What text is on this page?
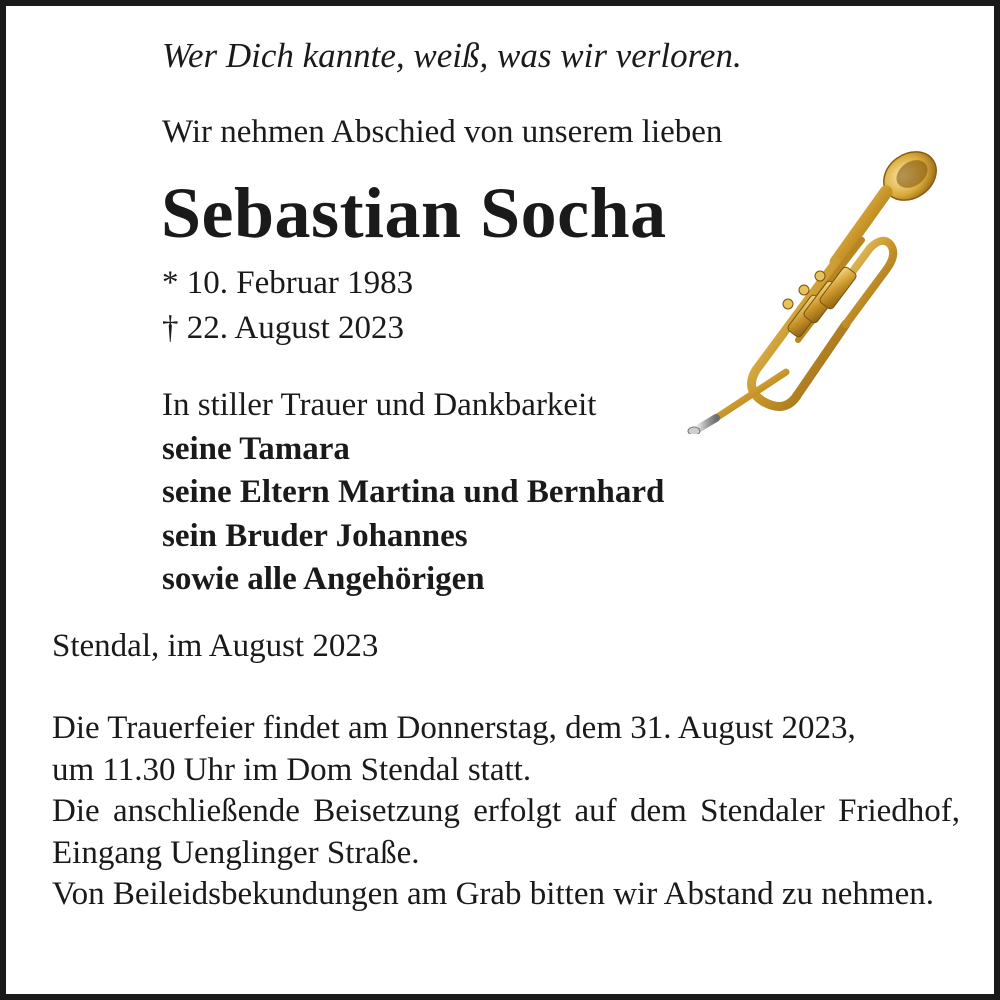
Wer Dich kannte, weiß, was wir verloren.
Wir nehmen Abschied von unserem lieben
Sebastian Socha
* 10. Februar 1983
† 22. August 2023
In stiller Trauer und Dankbarkeit
seine Tamara
seine Eltern Martina und Bernhard
sein Bruder Johannes
sowie alle Angehörigen
Stendal, im August 2023
Die Trauerfeier findet am Donnerstag, dem 31. August 2023,
um 11.30 Uhr im Dom Stendal statt.
Die anschließende Beisetzung erfolgt auf dem Stendaler Friedhof, Eingang Uenglinger Straße.
Von Beileidsbekundungen am Grab bitten wir Abstand zu nehmen.
